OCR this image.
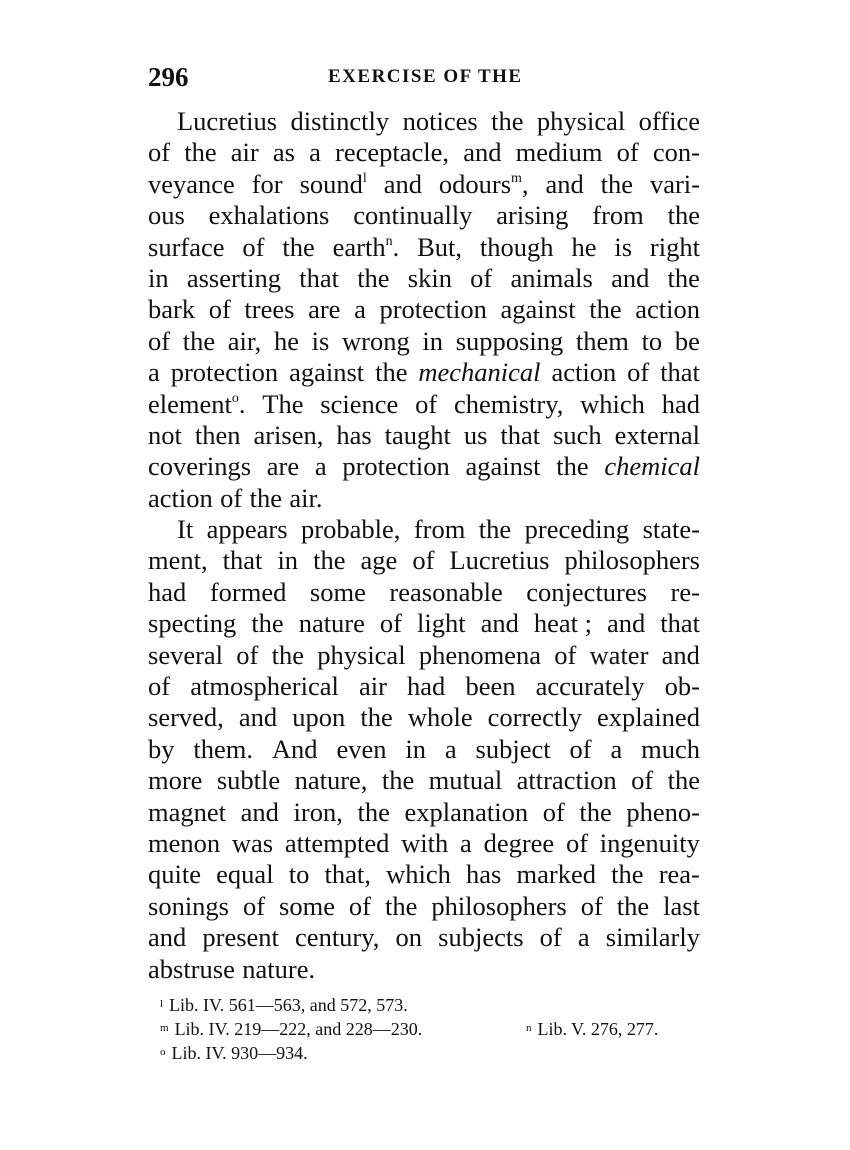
296	EXERCISE OF THE
Lucretius distinctly notices the physical office
of the air as a receptacle, and medium of con-
veyance for sound$^l$ and odours$^m$, and the vari-
ous exhalations continually arising from the
surface of the earth$^n$. But, though he is right
in asserting that the skin of animals and the
bark of trees are a protection against the action
of the air, he is wrong in supposing them to be
a protection against the mechanical action of that
element$^o$. The science of chemistry, which had
not then arisen, has taught us that such external
coverings are a protection against the chemical
action of the air.
It appears probable, from the preceding state-
ment, that in the age of Lucretius philosophers
had formed some reasonable conjectures re-
specting the nature of light and heat ; and that
several of the physical phenomena of water and
of atmospherical air had been accurately ob-
served, and upon the whole correctly explained
by them. And even in a subject of a much
more subtle nature, the mutual attraction of the
magnet and iron, the explanation of the pheno-
menon was attempted with a degree of ingenuity
quite equal to that, which has marked the rea-
sonings of some of the philosophers of the last
and present century, on subjects of a similarly
abstruse nature.
$^l$ Lib. IV. 561—563, and 572, 573.
$^m$ Lib. IV. 219—222, and 228—230.	$^n$ Lib. V. 276, 277.
$^o$ Lib. IV. 930—934.
